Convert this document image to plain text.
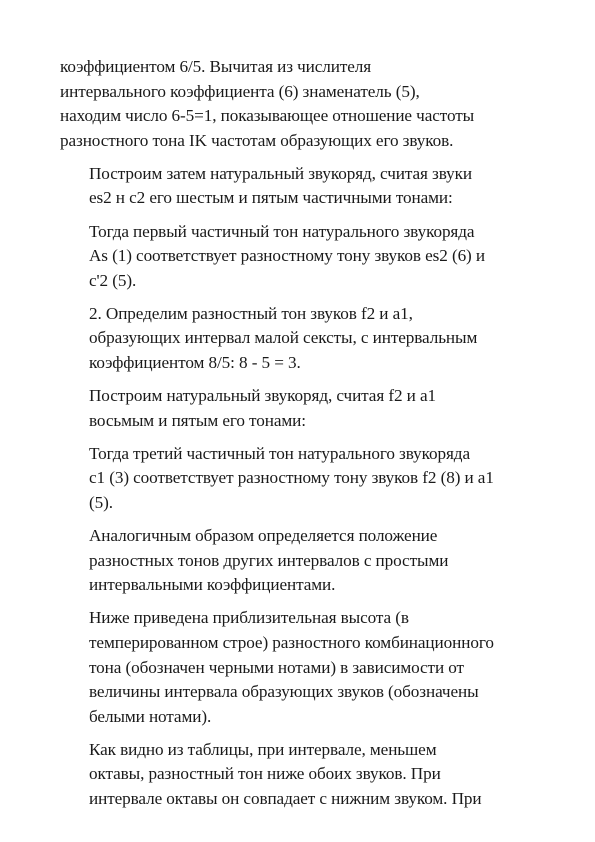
коэффициентом 6/5. Вычитая из числителя
интервального коэффициента (6) знаменатель (5),
находим число 6-5=1, показывающее отношение частоты
разностного тона IK частотам образующих его звуков.

Построим затем натуральный звукоряд, считая звуки
es2 н c2 его шестым и пятым частичными тонами:

Тогда первый частичный тон натурального звукоряда
As (1) соответствует разностному тону звуков es2 (6) и
c'2 (5).

2. Определим разностный тон звуков f2 и a1,
образующих интервал малой сексты, с интервальным
коэффициентом 8/5: 8 - 5 = 3.

Построим натуральный звукоряд, считая f2 и a1
восьмым и пятым его тонами:

Тогда третий частичный тон натурального звукоряда
c1 (3) соответствует разностному тону звуков f2 (8) и a1
(5).

Аналогичным образом определяется положение
разностных тонов других интервалов с простыми
интервальными коэффициентами.

Ниже приведена приблизительная высота (в
темперированном строе) разностного комбинационного
тона (обозначен черными нотами) в зависимости от
величины интервала образующих звуков (обозначены
белыми нотами).

Как видно из таблицы, при интервале, меньшем
октавы, разностный тон ниже обоих звуков. При
интервале октавы он совпадает с нижним звуком. При
